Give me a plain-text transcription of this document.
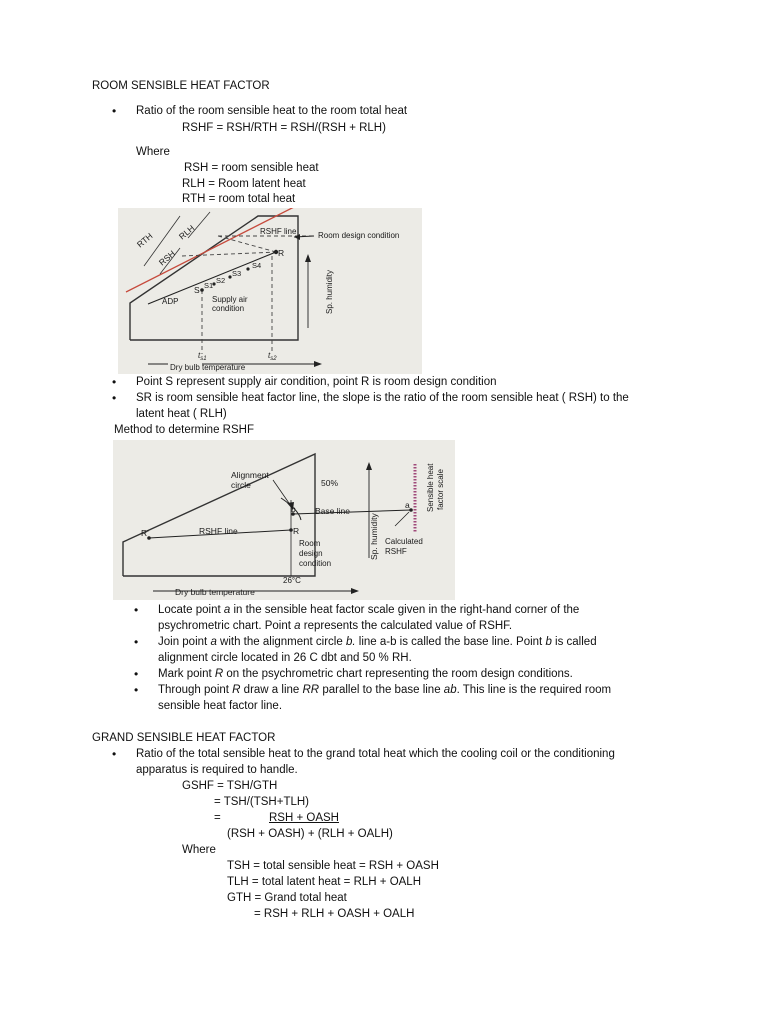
ROOM SENSIBLE HEAT FACTOR
• Ratio of the room sensible heat to the room total heat
RSHF = RSH/RTH = RSH/(RSH + RLH)
Where
RSH = room sensible heat
RLH = Room latent heat
RTH = room total heat
RTH	RLH
RSH
RSHF line	Room design condition
R
S4
S3
S2
S1
S
ADP	Supply air
condition	Sp. humidity
$t_{s1}$	$t_{s2}$
Dry bulb temperature
• Point S represent supply air condition, point R is room design condition
• SR is room sensible heat factor line, the slope is the ratio of the room sensible heat ( RSH) to the
latent heat ( RLH)
Method to determine RSHF
Alignment
circle	50%
b Base line
a
Sp. humidity
Sensible heat factor scale
R'	RSHF line	R
Room
design
condition
Calculated
RSHF
26°C
Dry bulb temperature
• Locate point a in the sensible heat factor scale given in the right-hand corner of the
psychrometric chart. Point a represents the calculated value of RSHF.
• Join point a with the alignment circle b. line a-b is called the base line. Point b is called
alignment circle located in 26 C dbt and 50 % RH.
• Mark point R on the psychrometric chart representing the room design conditions.
• Through point R draw a line RR parallel to the base line ab. This line is the required room
sensible heat factor line.
GRAND SENSIBLE HEAT FACTOR
• Ratio of the total sensible heat to the grand total heat which the cooling coil or the conditioning
apparatus is required to handle.
GSHF = TSH/GTH
= TSH/(TSH+TLH)
=	RSH + OASH
(RSH + OASH) + (RLH + OALH)
Where
TSH = total sensible heat = RSH + OASH
TLH = total latent heat = RLH + OALH
GTH = Grand total heat
= RSH + RLH + OASH + OALH
